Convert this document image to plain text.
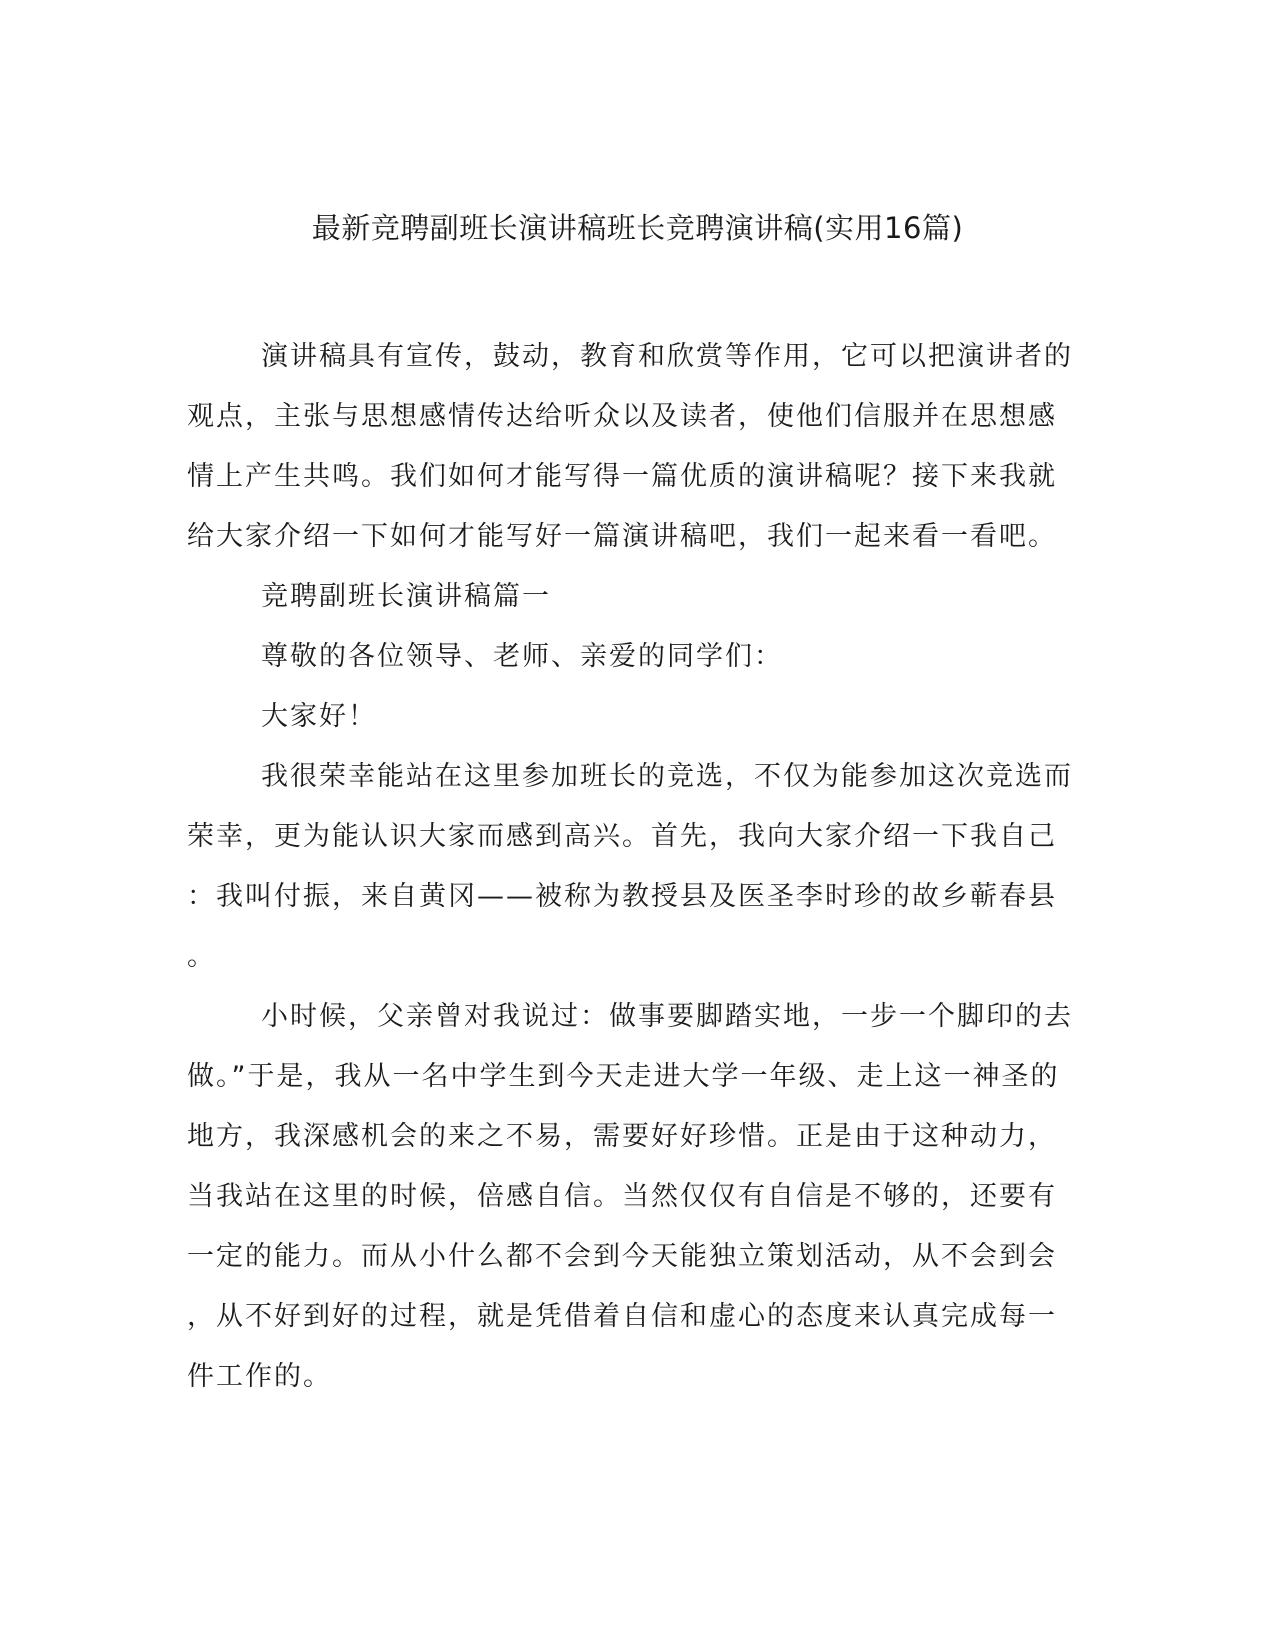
最新竞聘副班长演讲稿班长竞聘演讲稿(实用16篇)
演讲稿具有宣传，鼓动，教育和欣赏等作用，它可以把演讲者的
观点，主张与思想感情传达给听众以及读者，使他们信服并在思想感
情上产生共鸣。我们如何才能写得一篇优质的演讲稿呢？接下来我就
给大家介绍一下如何才能写好一篇演讲稿吧，我们一起来看一看吧。
竞聘副班长演讲稿篇一
尊敬的各位领导、老师、亲爱的同学们：
大家好！
我很荣幸能站在这里参加班长的竞选，不仅为能参加这次竞选而
荣幸，更为能认识大家而感到高兴。首先，我向大家介绍一下我自己
：我叫付振，来自黄冈——被称为教授县及医圣李时珍的故乡蕲春县
。
小时候，父亲曾对我说过：做事要脚踏实地，一步一个脚印的去
做。”于是，我从一名中学生到今天走进大学一年级、走上这一神圣的
地方，我深感机会的来之不易，需要好好珍惜。正是由于这种动力，
当我站在这里的时候，倍感自信。当然仅仅有自信是不够的，还要有
一定的能力。而从小什么都不会到今天能独立策划活动，从不会到会
，从不好到好的过程，就是凭借着自信和虚心的态度来认真完成每一
件工作的。
